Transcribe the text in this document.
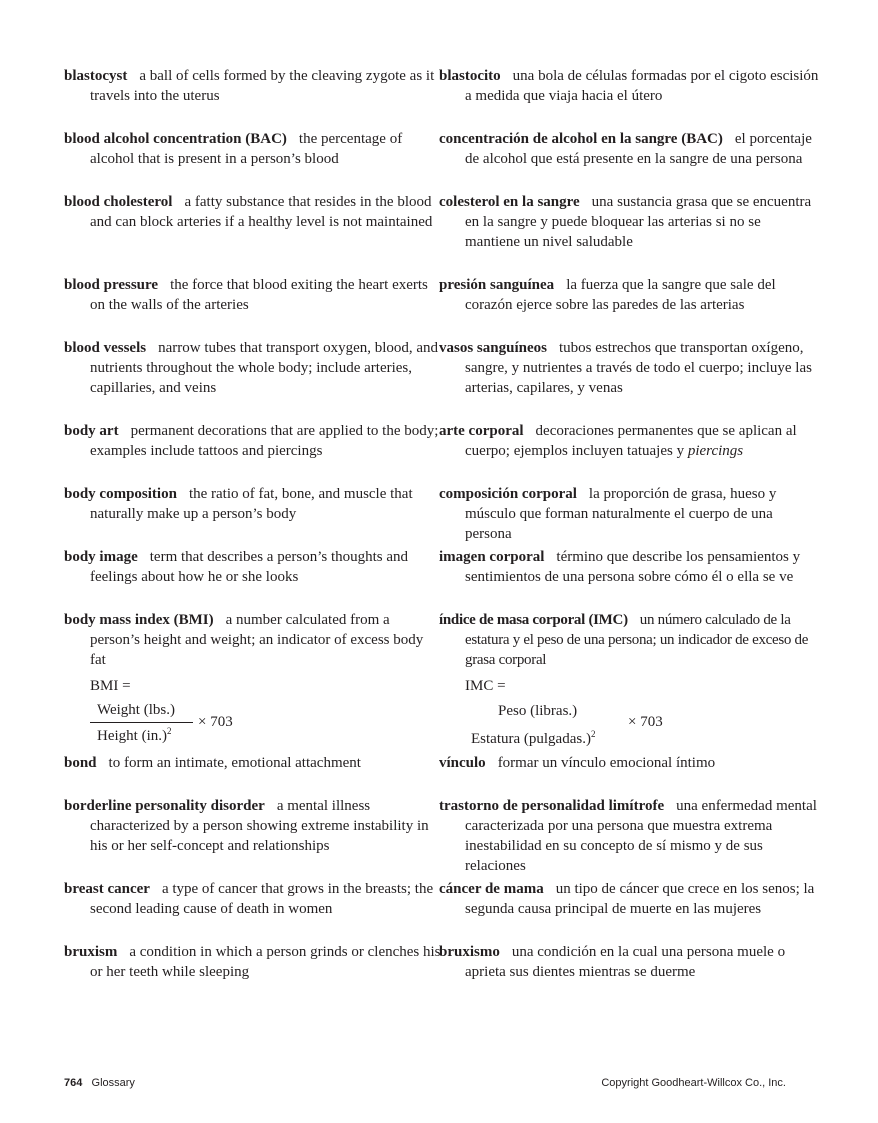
blastocyst a ball of cells formed by the cleaving zygote as it travels into the uterus

blood alcohol concentration (BAC) the percentage of alcohol that is present in a person’s blood

blood cholesterol a fatty substance that resides in the blood and can block arteries if a healthy level is not maintained

blood pressure the force that blood exiting the heart exerts on the walls of the arteries

blood vessels narrow tubes that transport oxygen, blood, and nutrients throughout the whole body; include arteries, capillaries, and veins

body art permanent decorations that are applied to the body; examples include tattoos and piercings

body composition the ratio of fat, bone, and muscle that naturally make up a person’s body

body image term that describes a person’s thoughts and feelings about how he or she looks

body mass index (BMI) a number calculated from a person’s height and weight; an indicator of excess body fat

BMI =
Weight (lbs.)
Height $(in.)^2$
× 703

bond to form an intimate, emotional attachment

borderline personality disorder a mental illness characterized by a person showing extreme instability in his or her self-concept and relationships

breast cancer a type of cancer that grows in the breasts; the second leading cause of death in women

bruxism a condition in which a person grinds or clenches his or her teeth while sleeping

blastocito una bola de células formadas por el cigoto escisión a medida que viaja hacia el útero

concentración de alcohol en la sangre (BAC) el porcentaje de alcohol que está presente en la sangre de una persona

colesterol en la sangre una sustancia grasa que se encuentra en la sangre y puede bloquear las arterias si no se mantiene un nivel saludable

presión sanguínea la fuerza que la sangre que sale del corazón ejerce sobre las paredes de las arterias

vasos sanguíneos tubos estrechos que transportan oxígeno, sangre, y nutrientes a través de todo el cuerpo; incluye las arterias, capilares, y venas

arte corporal decoraciones permanentes que se aplican al cuerpo; ejemplos incluyen tatuajes y piercings

composición corporal la proporción de grasa, hueso y músculo que forman naturalmente el cuerpo de una persona

imagen corporal término que describe los pensamientos y sentimientos de una persona sobre cómo él o ella se ve

índice de masa corporal (IMC) un número calculado de la estatura y el peso de una persona; un indicador de exceso de grasa corporal

IMC =
Peso (libras.)
Estatura (pulgadas.)$^2$
× 703

vínculo formar un vínculo emocional íntimo

trastorno de personalidad limítrofe una enfermedad mental caracterizada por una persona que muestra extrema inestabilidad en su concepto de sí mismo y de sus relaciones

cáncer de mama un tipo de cáncer que crece en los senos; la segunda causa principal de muerte en las mujeres

bruxismo una condición en la cual una persona muele o aprieta sus dientes mientras se duerme

764 Glossary	Copyright Goodheart-Willcox Co., Inc.
